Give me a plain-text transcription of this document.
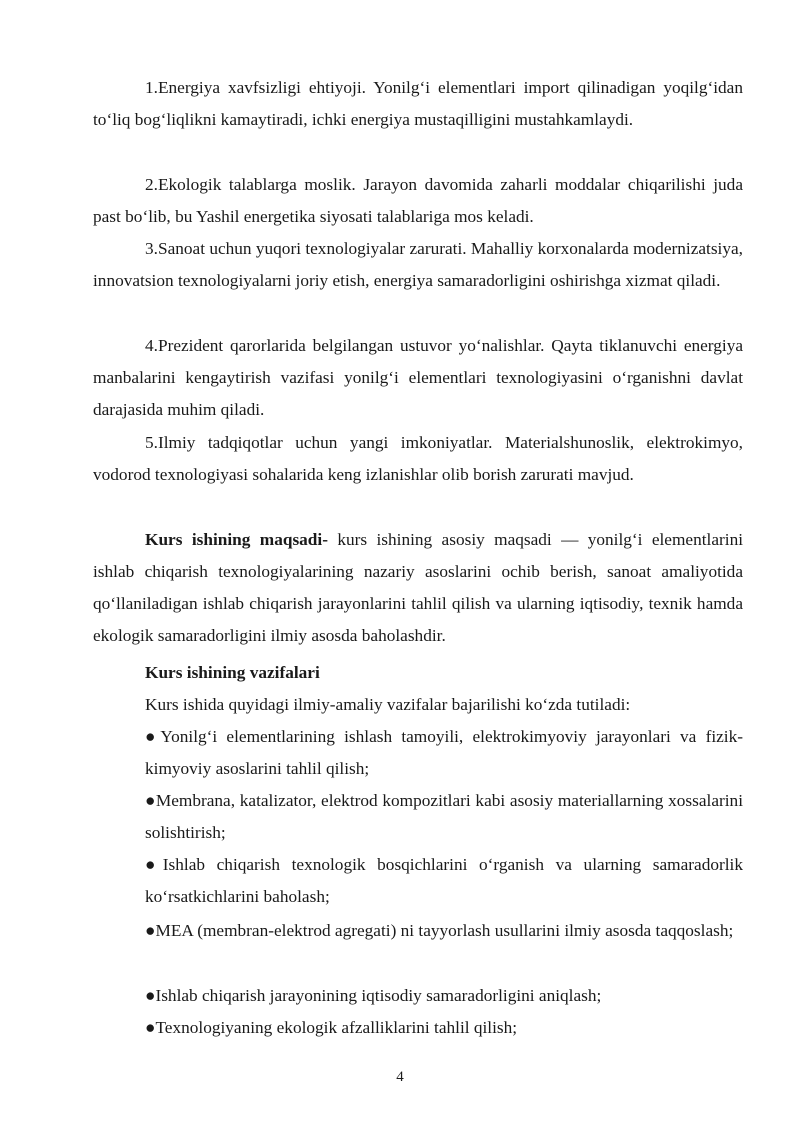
1.Energiya xavfsizligi ehtiyoji. Yonilg‘i elementlari import qilinadigan yoqilg‘idan to‘liq bog‘liqlikni kamaytiradi, ichki energiya mustaqilligini mustahkamlaydi.
2.Ekologik talablarga moslik. Jarayon davomida zaharli moddalar chiqarilishi juda past bo‘lib, bu Yashil energetika siyosati talablariga mos keladi.
3.Sanoat uchun yuqori texnologiyalar zarurati. Mahalliy korxonalarda modernizatsiya, innovatsion texnologiyalarni joriy etish, energiya samaradorligini oshirishga xizmat qiladi.
4.Prezident qarorlarida belgilangan ustuvor yo‘nalishlar. Qayta tiklanuvchi energiya manbalarini kengaytirish vazifasi yonilg‘i elementlari texnologiyasini o‘rganishni davlat darajasida muhim qiladi.
5.Ilmiy tadqiqotlar uchun yangi imkoniyatlar. Materialshunoslik, elektrokimyo, vodorod texnologiyasi sohalarida keng izlanishlar olib borish zarurati mavjud.
Kurs ishining maqsadi- kurs ishining asosiy maqsadi — yonilg‘i elementlarini ishlab chiqarish texnologiyalarining nazariy asoslarini ochib berish, sanoat amaliyotida qo‘llaniladigan ishlab chiqarish jarayonlarini tahlil qilish va ularning iqtisodiy, texnik hamda ekologik samaradorligini ilmiy asosda baholashdir.
Kurs ishining vazifalari
Kurs ishida quyidagi ilmiy-amaliy vazifalar bajarilishi ko‘zda tutiladi:
●Yonilg‘i elementlarining ishlash tamoyili, elektrokimyoviy jarayonlari va fizik-kimyoviy asoslarini tahlil qilish;
●Membrana, katalizator, elektrod kompozitlari kabi asosiy materiallarning xossalarini solishtirish;
●Ishlab chiqarish texnologik bosqichlarini o‘rganish va ularning samaradorlik ko‘rsatkichlarini baholash;
●MEA (membran-elektrod agregati) ni tayyorlash usullarini ilmiy asosda taqqoslash;
●Ishlab chiqarish jarayonining iqtisodiy samaradorligini aniqlash;
●Texnologiyaning ekologik afzalliklarini tahlil qilish;
4
